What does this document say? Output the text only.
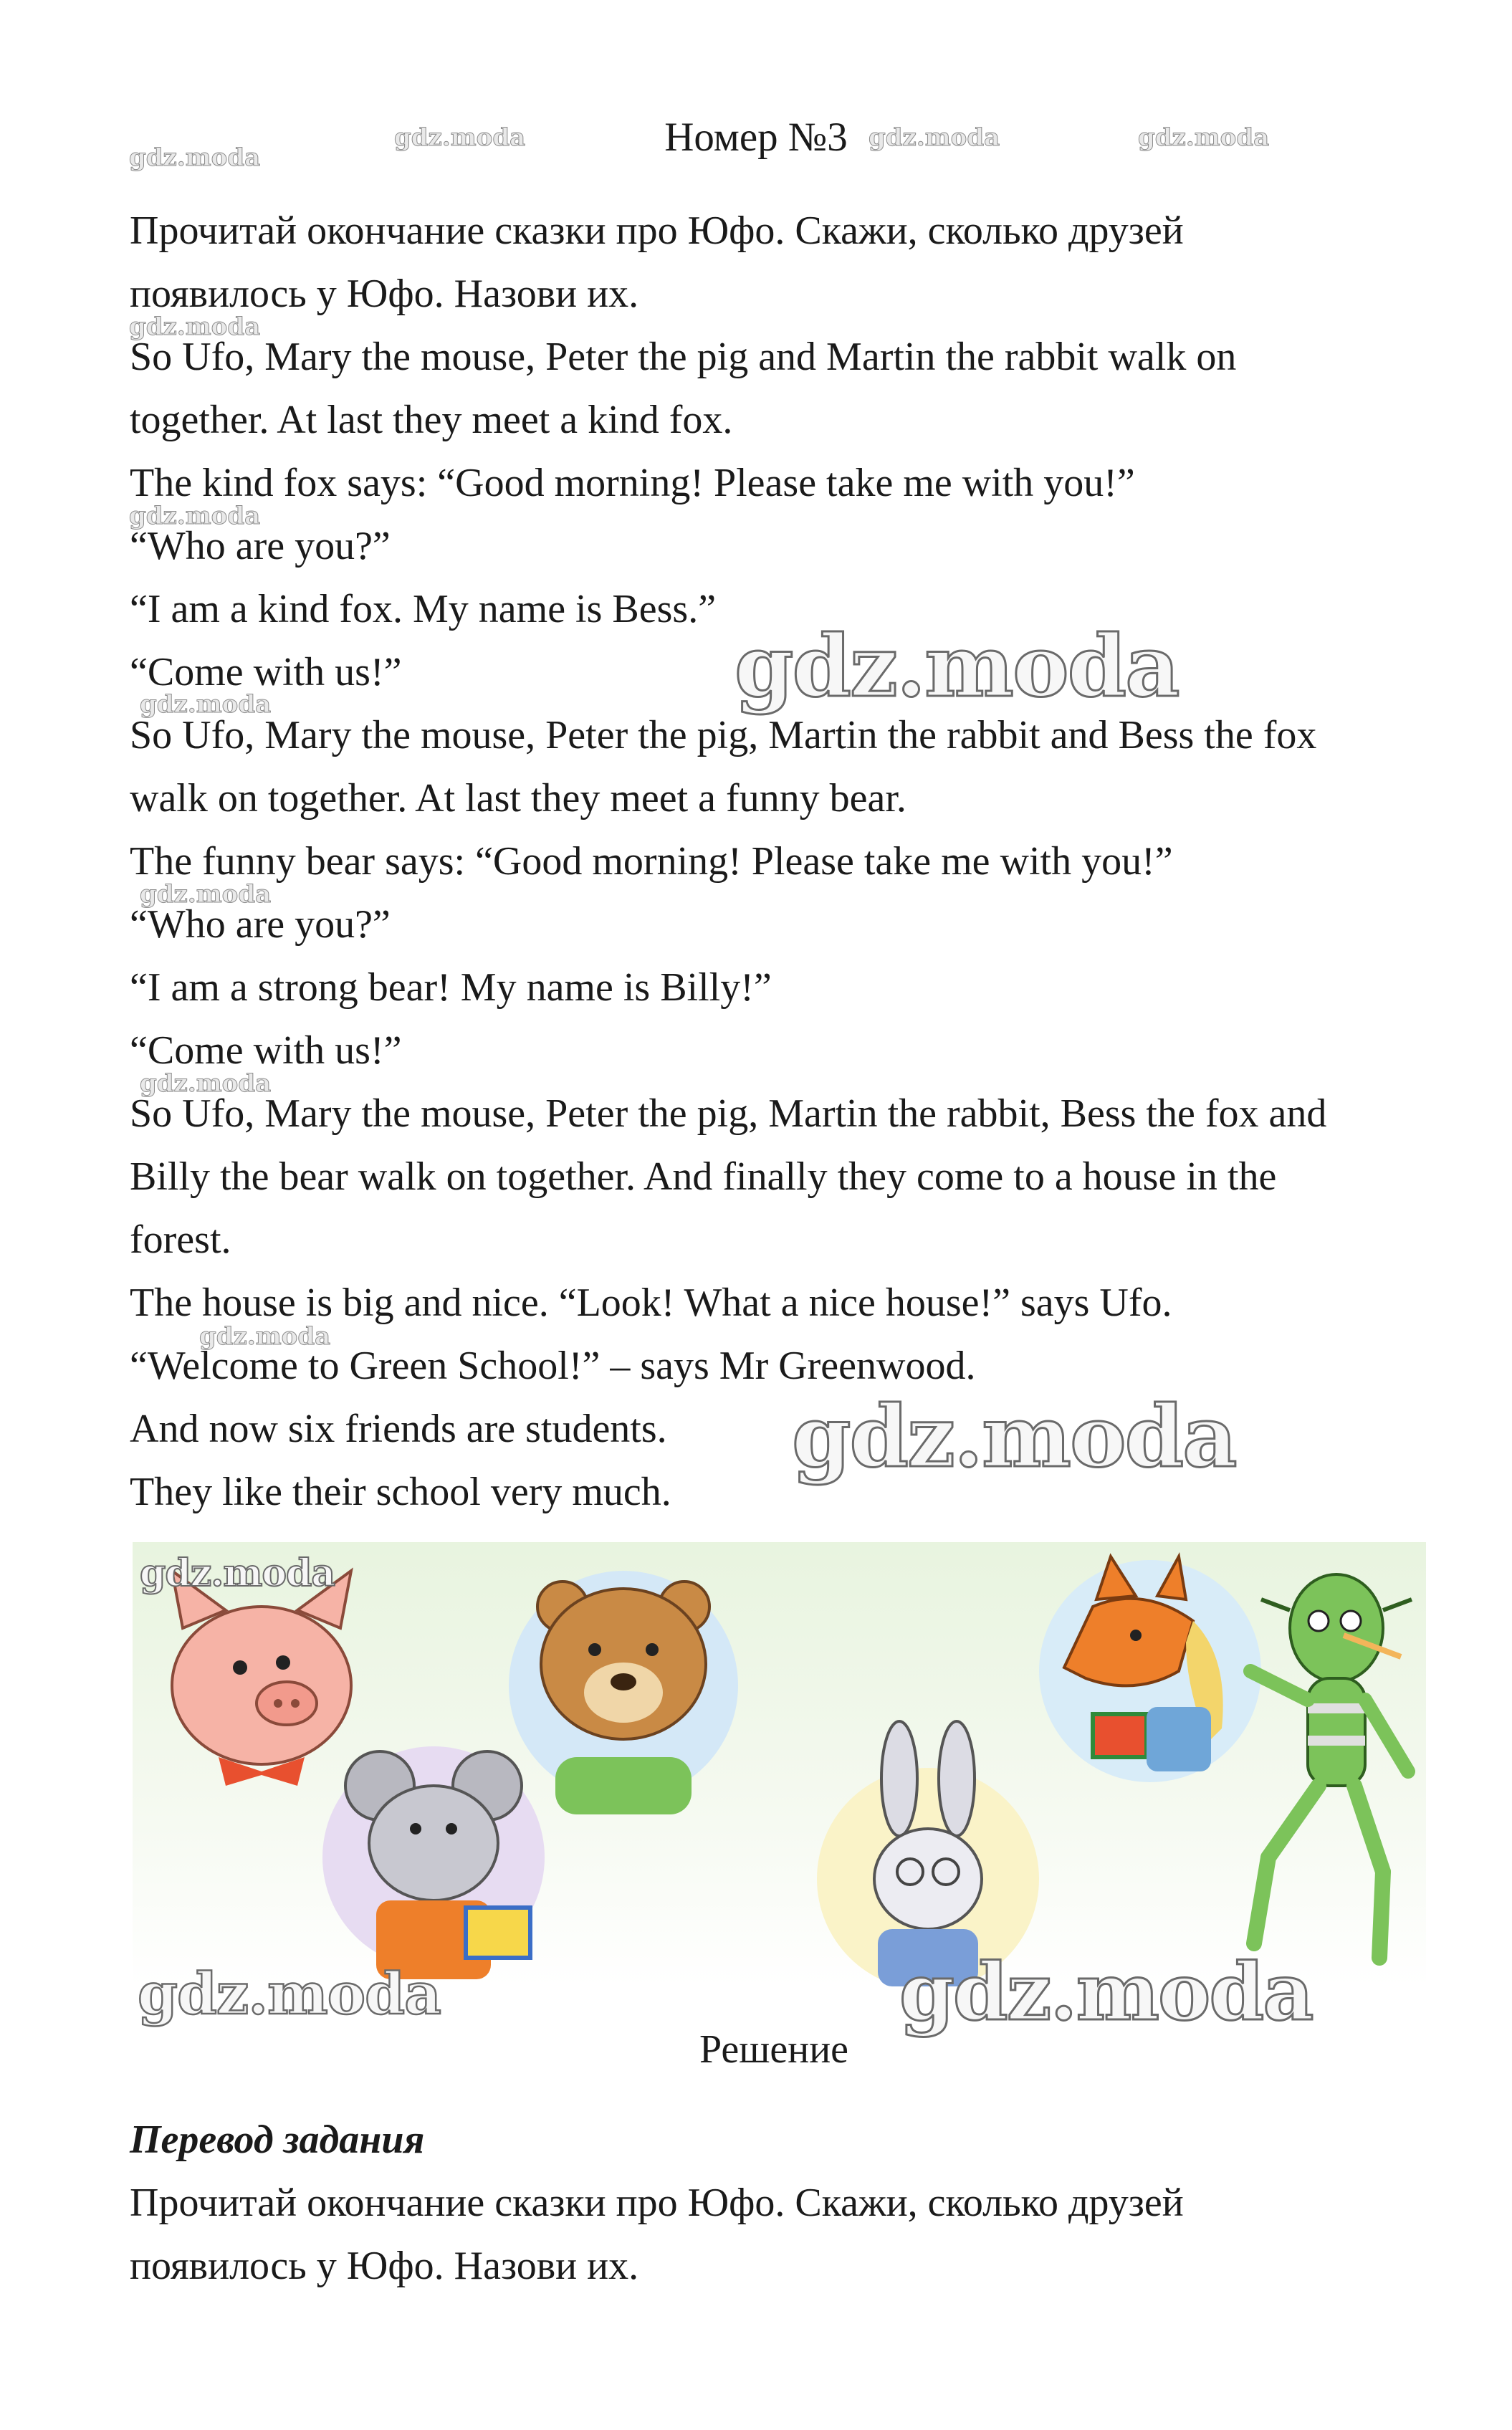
gdz.moda
gdz.moda	gdz.moda
Номер №3 gdz.moda
Прочитай окончание сказки про Юфо. Скажи, сколько друзей
появилось у Юфо. Назови их.
So Ufo, Mary the mouse, Peter the pig and Martin the rabbit walk on
together. At last they meet a kind fox.
The kind fox says: “Good morning! Please take me with you!”
“Who are you?”
“I am a kind fox. My name is Bess.”
“Come with us!”
So Ufo, Mary the mouse, Peter the pig, Martin the rabbit and Bess the fox
walk on together. At last they meet a funny bear.
The funny bear says: “Good morning! Please take me with you!”
“Who are you?”
“I am a strong bear! My name is Billy!”
“Come with us!”
So Ufo, Mary the mouse, Peter the pig, Martin the rabbit, Bess the fox and
Billy the bear walk on together. And finally they come to a house in the
forest.
The house is big and nice. “Look! What a nice house!” says Ufo.
“Welcome to Green School!” – says Mr Greenwood.
And now six friends are students.
They like their school very much.
gdz.moda
gdz.moda
gdz.moda
gdz.moda
gdz.moda
gdz.moda
gdz.moda
gdz.moda
gdz.moda
gdz.moda	gdz.moda
Решение
Перевод задания
Прочитай окончание сказки про Юфо. Скажи, сколько друзей
появилось у Юфо. Назови их.
